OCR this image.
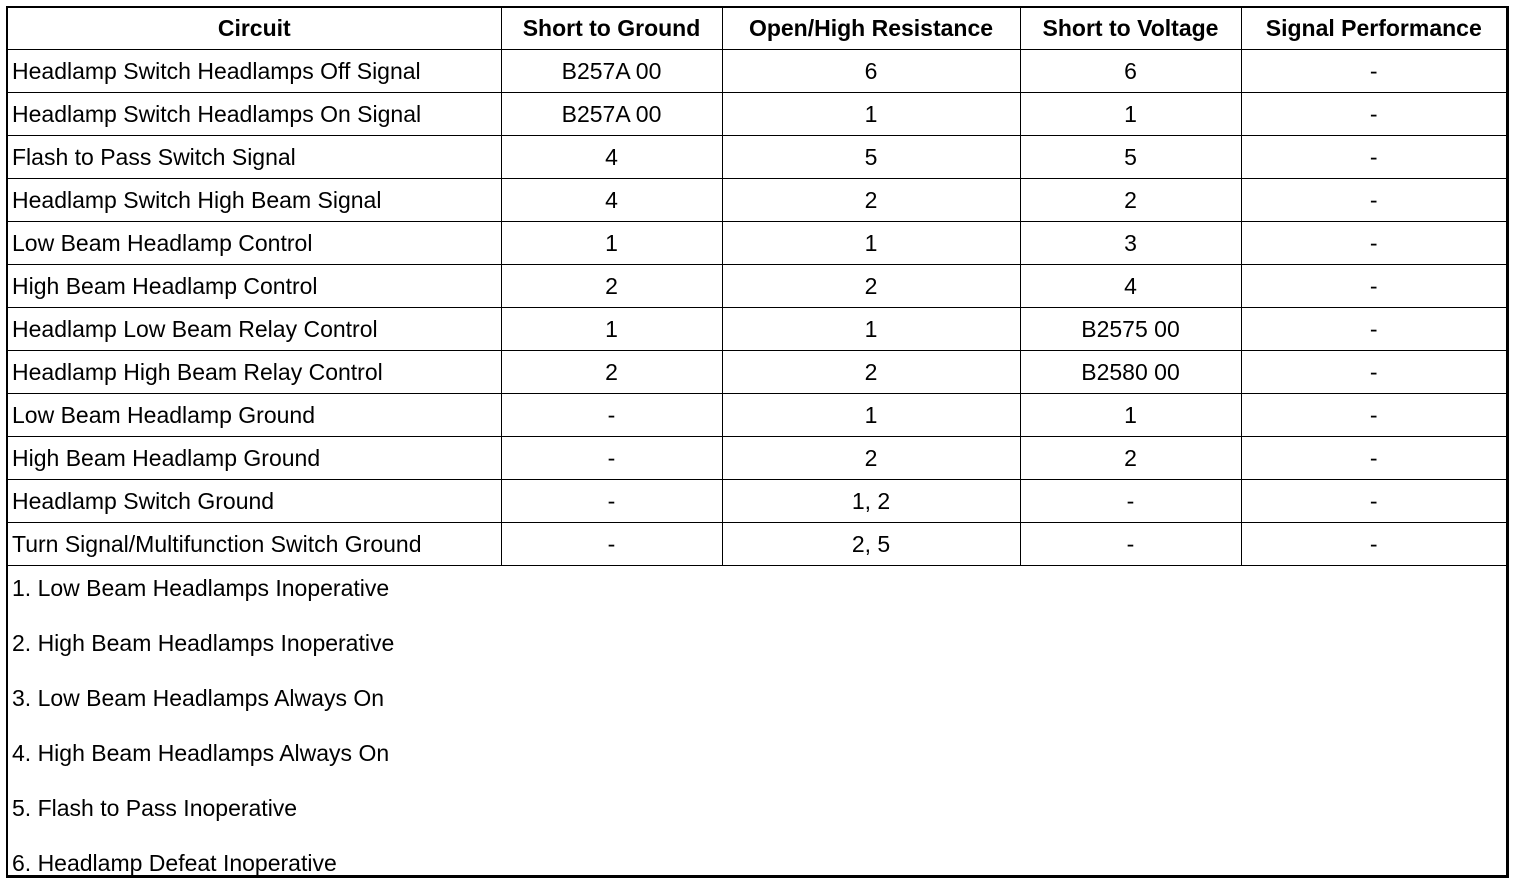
Circuit	Short to Ground	Open/High Resistance	Short to Voltage	Signal Performance
Headlamp Switch Headlamps Off Signal	B257A 00	6	6	-
Headlamp Switch Headlamps On Signal	B257A 00	1	1	-
Flash to Pass Switch Signal	4	5	5	-
Headlamp Switch High Beam Signal	4	2	2	-
Low Beam Headlamp Control	1	1	3	-
High Beam Headlamp Control	2	2	4	-
Headlamp Low Beam Relay Control	1	1	B2575 00	-
Headlamp High Beam Relay Control	2	2	B2580 00	-
Low Beam Headlamp Ground	-	1	1	-
High Beam Headlamp Ground	-	2	2	-
Headlamp Switch Ground	-	1, 2	-	-
Turn Signal/Multifunction Switch Ground	-	2, 5	-	-
1. Low Beam Headlamps Inoperative
2. High Beam Headlamps Inoperative
3. Low Beam Headlamps Always On
4. High Beam Headlamps Always On
5. Flash to Pass Inoperative
6. Headlamp Defeat Inoperative
